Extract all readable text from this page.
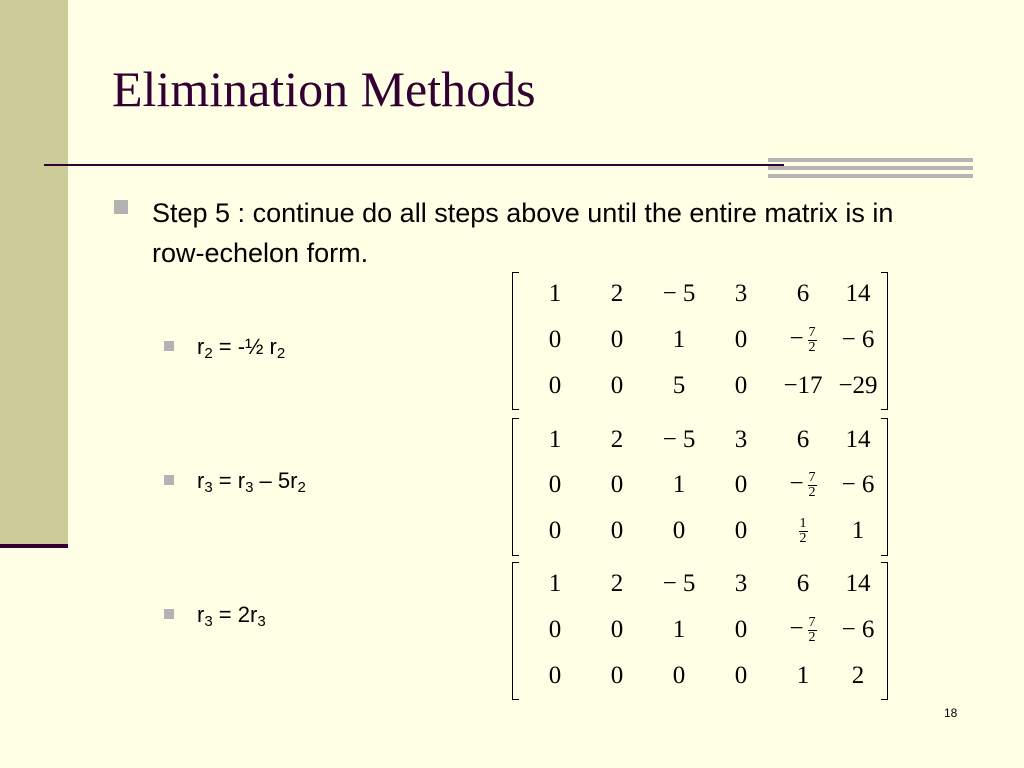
Elimination Methods
Step 5 : continue do all steps above until the entire matrix is in row-echelon form.
$r_2$ = -½ $r_2$
1	2	− 5	3	6	14
0	0	1	0	− $\frac{7}{2}$	− 6
0	0	5	0	−17	−29
$r_3 = r_3 - 5r_2$
1	2	− 5	3	6	14
0	0	1	0	− $\frac{7}{2}$	− 6
0	0	0	0	$\frac{1}{2}$	1
$r_3 = 2r_3$
1	2	− 5	3	6	14
0	0	1	0	− $\frac{7}{2}$	− 6
0	0	0	0	1	2
18
